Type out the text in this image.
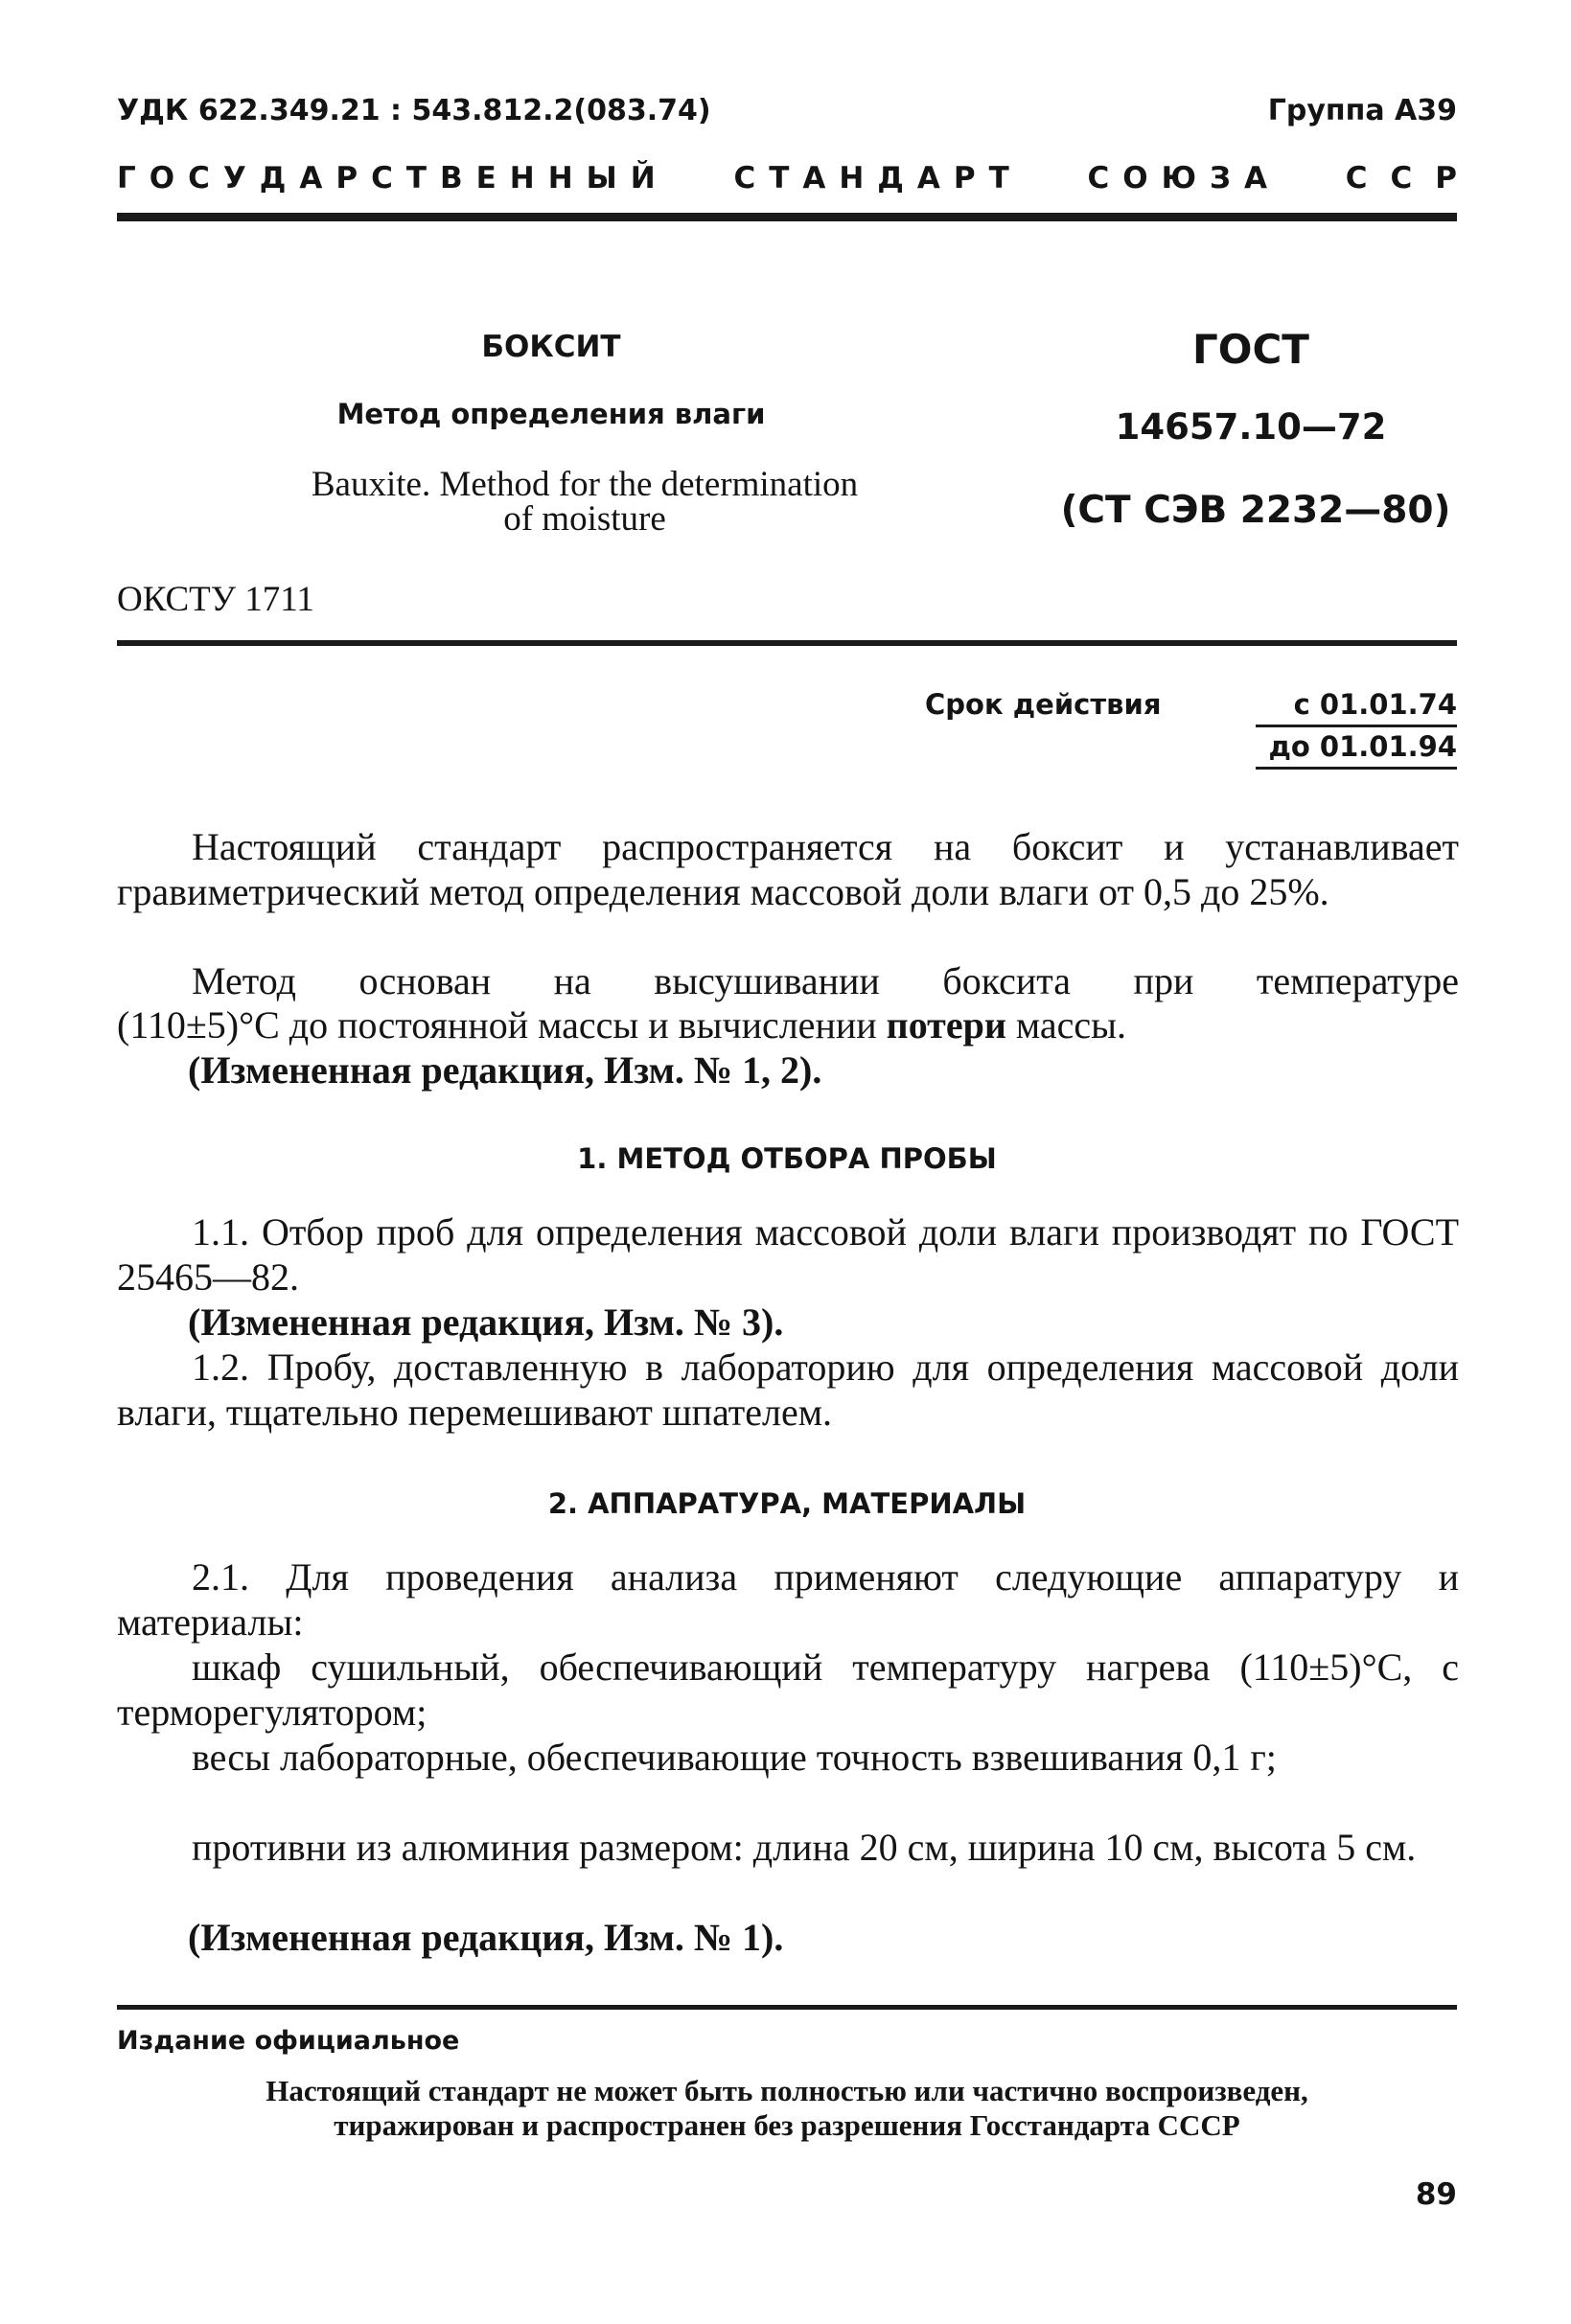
УДК 622.349.21 : 543.812.2(083.74)	Группа А39
ГОСУДАРСТВЕННЫЙ СТАНДАРТ СОЮЗА ССР
БОКСИТ
Метод определения влаги
Bauxite. Method for the determination
of moisture
ГОСТ
14657.10—72
(СТ СЭВ 2232—80)
ОКСТУ 1711
Срок действия	с 01.01.74
до 01.01.94

Настоящий стандарт распространяется на боксит и устанавливает гравиметрический метод определения массовой доли влаги от 0,5 до 25%.

Метод основан на высушивании боксита при температуре

(110±5)°С до постоянной массы и вычислении потери массы.

(Измененная редакция, Изм. № 1, 2).

1. МЕТОД ОТБОРА ПРОБЫ

1.1. Отбор проб для определения массовой доли влаги производят по ГОСТ 25465—82.

(Измененная редакция, Изм. № 3).

1.2. Пробу, доставленную в лабораторию для определения массовой доли влаги, тщательно перемешивают шпателем.

2. АППАРАТУРА, МАТЕРИАЛЫ

2.1. Для проведения анализа применяют следующие аппаратуру и материалы:

шкаф сушильный, обеспечивающий температуру нагрева (110±5)°С, с терморегулятором;

весы лабораторные, обеспечивающие точность взвешивания 0,1 г;

противни из алюминия размером: длина 20 см, ширина 10 см, высота 5 см.

(Измененная редакция, Изм. № 1).

Издание официальное
Настоящий стандарт не может быть полностью или частично воспроизведен,
тиражирован и распространен без разрешения Госстандарта СССР
89
